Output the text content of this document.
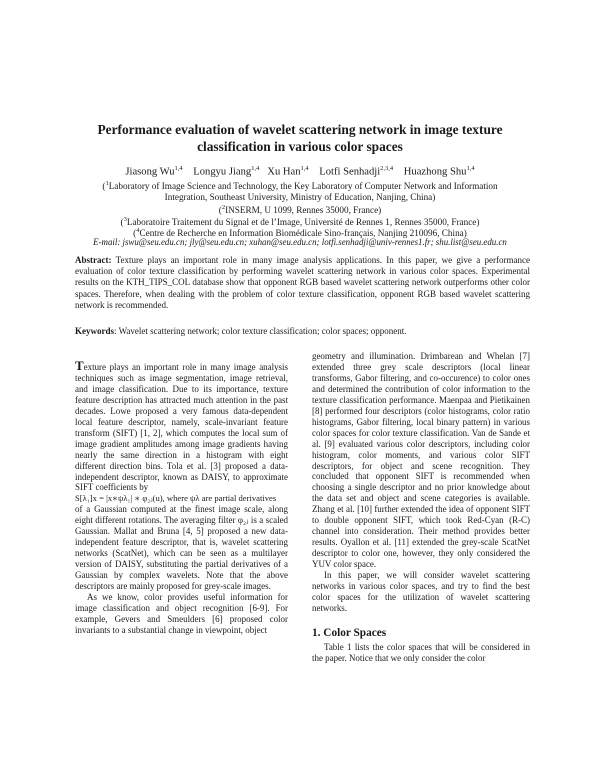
Performance evaluation of wavelet scattering network in image texture
classification in various color spaces
Jiasong Wu$^{1,4}$ Longyu Jiang$^{1,4}$ Xu Han$^{1,4}$ Lotfi Senhadji$^{2,3,4}$ Huazhong Shu$^{1,4}$
($^1$Laboratory of Image Science and Technology, the Key Laboratory of Computer Network and Information
Integration, Southeast University, Ministry of Education, Nanjing, China)
($^2$INSERM, U 1099, Rennes 35000, France)
($^3$Laboratoire Traitement du Signal et de l’Image, Université de Rennes 1, Rennes 35000, France)
($^4$Centre de Recherche en Information Biomédicale Sino-français, Nanjing 210096, China)
E-mail: jswu@seu.edu.cn; jly@seu.edu.cn; xuhan@seu.edu.cn; lotfi.senhadji@univ-rennes1.fr; shu.list@seu.edu.cn
Abstract: Texture plays an important role in many image analysis applications. In this paper, we give a performance evaluation of color texture classification by performing wavelet scattering network in various color spaces. Experimental results on the KTH_TIPS_COL database show that opponent RGB based wavelet scattering network outperforms other color spaces. Therefore, when dealing with the problem of color texture classification, opponent RGB based wavelet scattering network is recommended.
Keywords: Wavelet scattering network; color texture classification; color spaces; opponent.

Texture plays an important role in many image analysis techniques such as image segmentation, image retrieval, and image classification. Due to its importance, texture feature description has attracted much attention in the past decades. Lowe proposed a very famous data-dependent local feature descriptor, namely, scale-invariant feature transform (SIFT) [1, 2], which computes the local sum of image gradient amplitudes among image gradients having nearly the same direction in a histogram with eight different direction bins. Tola et al. [3] proposed a data-independent descriptor, known as DAISY, to approximate SIFT coefficients by

S[λ₁]x = |x∗ψλ₁| ∗ φ₂ⱼ(u), where ψλ are partial derivatives

of a Gaussian computed at the finest image scale, along eight different rotations. The averaging filter φ₂ⱼ is a scaled Gaussian. Mallat and Bruna [4, 5] proposed a new data-independent feature descriptor, that is, wavelet scattering networks (ScatNet), which can be seen as a multilayer version of DAISY, substituting the partial derivatives of a Gaussian by complex wavelets. Note that the above descriptors are mainly proposed for grey-scale images.

As we know, color provides useful information for image classification and object recognition [6-9]. For example, Gevers and Smeulders [6] proposed color invariants to a substantial change in viewpoint, object

geometry and illumination. Drimbarean and Whelan [7] extended three grey scale descriptors (local linear transforms, Gabor filtering, and co-occurence) to color ones and determined the contribution of color information to the texture classification performance. Maenpaa and Pietikainen [8] performed four descriptors (color histograms, color ratio histograms, Gabor filtering, local binary pattern) in various color spaces for color texture classification. Van de Sande et al. [9] evaluated various color descriptors, including color histogram, color moments, and various color SIFT descriptors, for object and scene recognition. They concluded that opponent SIFT is recommended when choosing a single descriptor and no prior knowledge about the data set and object and scene categories is available. Zhang et al. [10] further extended the idea of opponent SIFT to double opponent SIFT, which took Red-Cyan (R-C) channel into consideration. Their method provides better results. Oyallon et al. [11] extended the grey-scale ScatNet descriptor to color one, however, they only considered the YUV color space.

In this paper, we will consider wavelet scattering networks in various color spaces, and try to find the best color spaces for the utilization of wavelet scattering networks.

1. Color Spaces
Table 1 lists the color spaces that will be considered in the paper. Notice that we only consider the color
